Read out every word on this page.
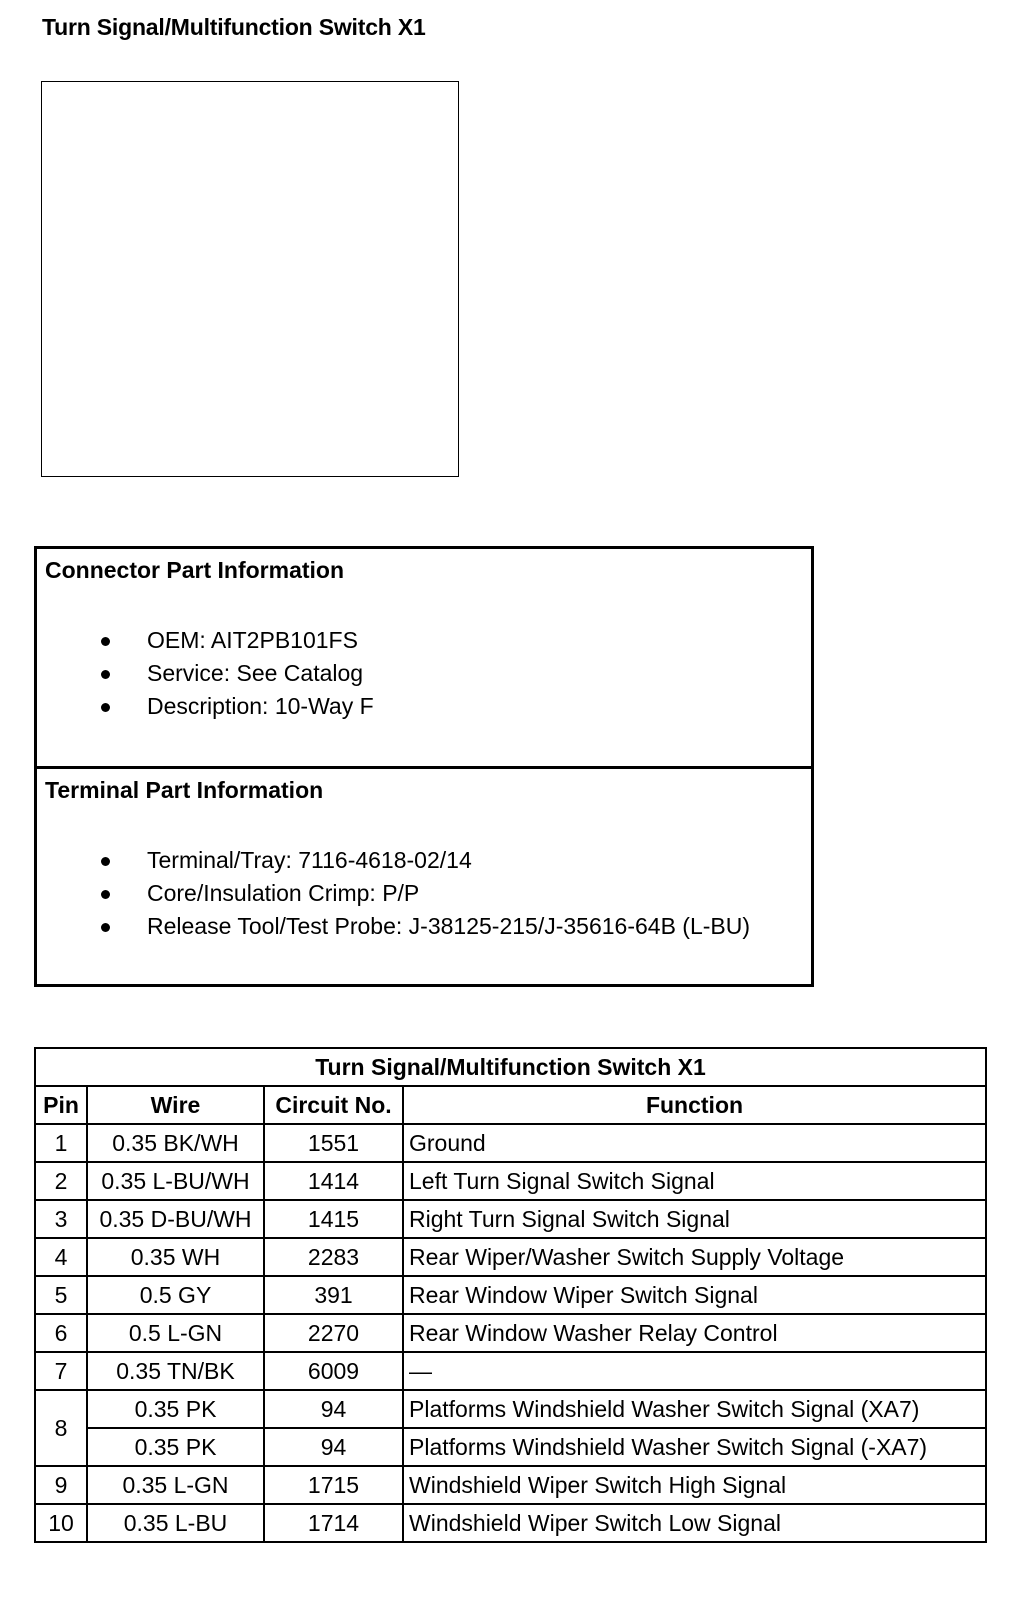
Turn Signal/Multifunction Switch X1
Connector Part Information
OEM: AIT2PB101FS
Service: See Catalog
Description: 10-Way F
Terminal Part Information
Terminal/Tray: 7116-4618-02/14
Core/Insulation Crimp: P/P
Release Tool/Test Probe: J-38125-215/J-35616-64B (L-BU)
Turn Signal/Multifunction Switch X1			
Pin	Wire	Circuit No.	Function
1	0.35 BK/WH	1551	Ground
2	0.35 L-BU/WH	1414	Left Turn Signal Switch Signal
3	0.35 D-BU/WH	1415	Right Turn Signal Switch Signal
4	0.35 WH	2283	Rear Wiper/Washer Switch Supply Voltage
5	0.5 GY	391	Rear Window Wiper Switch Signal
6	0.5 L-GN	2270	Rear Window Washer Relay Control
7	0.35 TN/BK	6009	—
8	0.35 PK	94	Platforms Windshield Washer Switch Signal (XA7)
	0.35 PK	94	Platforms Windshield Washer Switch Signal (-XA7)
9	0.35 L-GN	1715	Windshield Wiper Switch High Signal
10	0.35 L-BU	1714	Windshield Wiper Switch Low Signal
